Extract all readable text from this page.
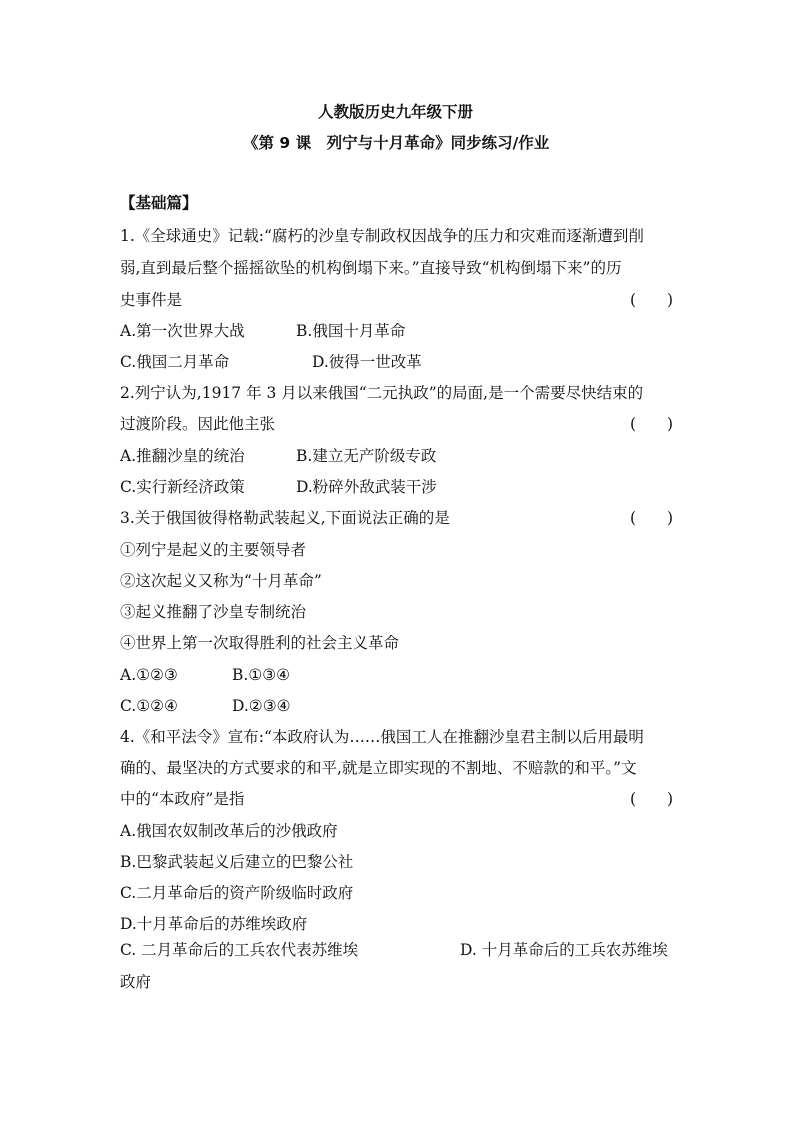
人教版历史九年级下册
《第 9 课　列宁与十月革命》同步练习/作业
【基础篇】
1.《全球通史》记载:“腐朽的沙皇专制政权因战争的压力和灾难而逐渐遭到削
弱,直到最后整个摇摇欲坠的机构倒塌下来。”直接导致“机构倒塌下来”的历
史事件是	(　　)
A.第一次世界大战	B.俄国十月革命
C.俄国二月革命	D.彼得一世改革
2.列宁认为,1917 年 3 月以来俄国“二元执政”的局面,是一个需要尽快结束的
过渡阶段。因此他主张	(　　)
A.推翻沙皇的统治	B.建立无产阶级专政
C.实行新经济政策	D.粉碎外敌武装干涉
3.关于俄国彼得格勒武装起义,下面说法正确的是	(　　)
①列宁是起义的主要领导者
②这次起义又称为“十月革命”
③起义推翻了沙皇专制统治
④世界上第一次取得胜利的社会主义革命
A.①②③	B.①③④
C.①②④	D.②③④
4.《和平法令》宣布:“本政府认为……俄国工人在推翻沙皇君主制以后用最明
确的、最坚决的方式要求的和平,就是立即实现的不割地、不赔款的和平。”文
中的“本政府”是指	(　　)
A.俄国农奴制改革后的沙俄政府
B.巴黎武装起义后建立的巴黎公社
C.二月革命后的资产阶级临时政府
D.十月革命后的苏维埃政府
C. 二月革命后的工兵农代表苏维埃	D. 十月革命后的工兵农苏维埃
政府
